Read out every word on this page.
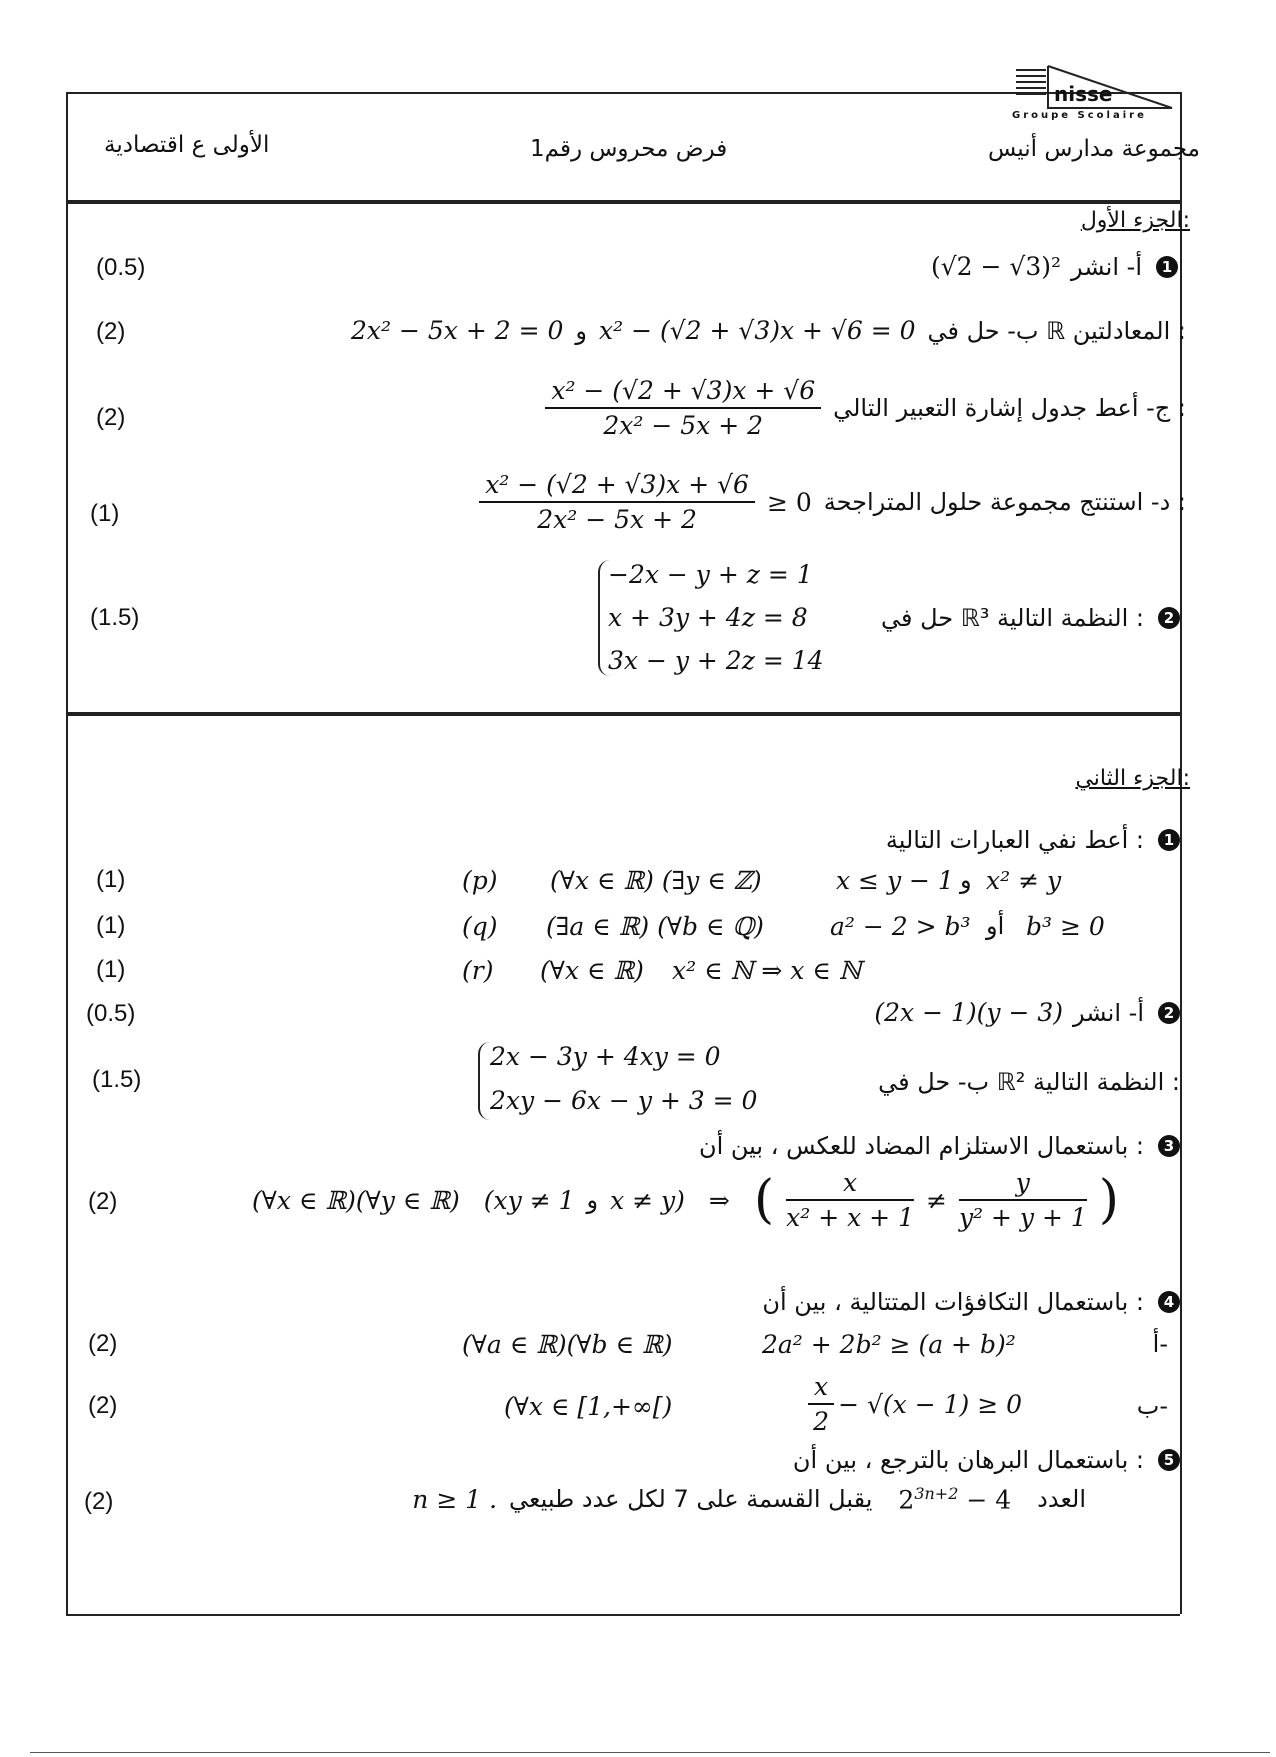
nisse
Groupe Scolaire
مجموعة مدارس أنيس
فرض محروس رقم1
الأولى ع اقتصادية
الجزء الأول:
(0.5)	(√2 − √3)² أ- انشر	1
(2)	2x² − 5x + 2 = 0 و x² − (√2 + √3)x + √6 = 0 ب- حل في ℝ المعادلتين :
(2)	$\frac{\text{x² − (√2 + √3)x + √6}}{\text{2x² − 5x + 2}}$ ج- أعط جدول إشارة التعبير التالي :
(1)	$\frac{\text{x² − (√2 + √3)x + √6}}{\text{2x² − 5x + 2}} \ge 0$ د- استنتج مجموعة حلول المتراجحة :
(1.5)	حل في ℝ³ النظمة التالية :	2
−2x − y + z = 1
x + 3y + 4z = 8
3x − y + 2z = 14
الجزء الثاني:
أعط نفي العبارات التالية :	1
(1)	(p) (∀x ∈ ℝ) (∃y ∈ ℤ)	x ≤ y − 1 و x² ≠ y
(1)	(q) (∃a ∈ ℝ) (∀b ∈ ℚ)	a² − 2 > b³ أو b³ ≥ 0
(1)	(r) (∀x ∈ ℝ) x² ∈ ℕ ⇒ x ∈ ℕ
(0.5)	(2x − 1)(y − 3) أ- انشر	2
(1.5)	ب- حل في ℝ² النظمة التالية :
2x − 3y + 4xy = 0
2xy − 6x − y + 3 = 0
باستعمال الاستلزام المضاد للعكس ، بين أن :	3
(2)	(∀x ∈ ℝ)(∀y ∈ ℝ) (xy ≠ 1 و x ≠ y) ⇒ ( $\frac{x}{\text{x² + x + 1}} \ne \frac{y}{\text{y² + y + 1}}$ )
باستعمال التكافؤات المتتالية ، بين أن :	4
(2)	(∀a ∈ ℝ)(∀b ∈ ℝ)	2a² + 2b² ≥ (a + b)²	أ-
(2)	(∀x ∈ [1,+∞[)	$\frac{x}{2} - √(x - 1) \ge 0$	ب-
باستعمال البرهان بالترجع ، بين أن :	5
(2)	n ≥ 1 . يقبل القسمة على 7 لكل عدد طبيعي $2^{3n+2} - 4$ العدد
